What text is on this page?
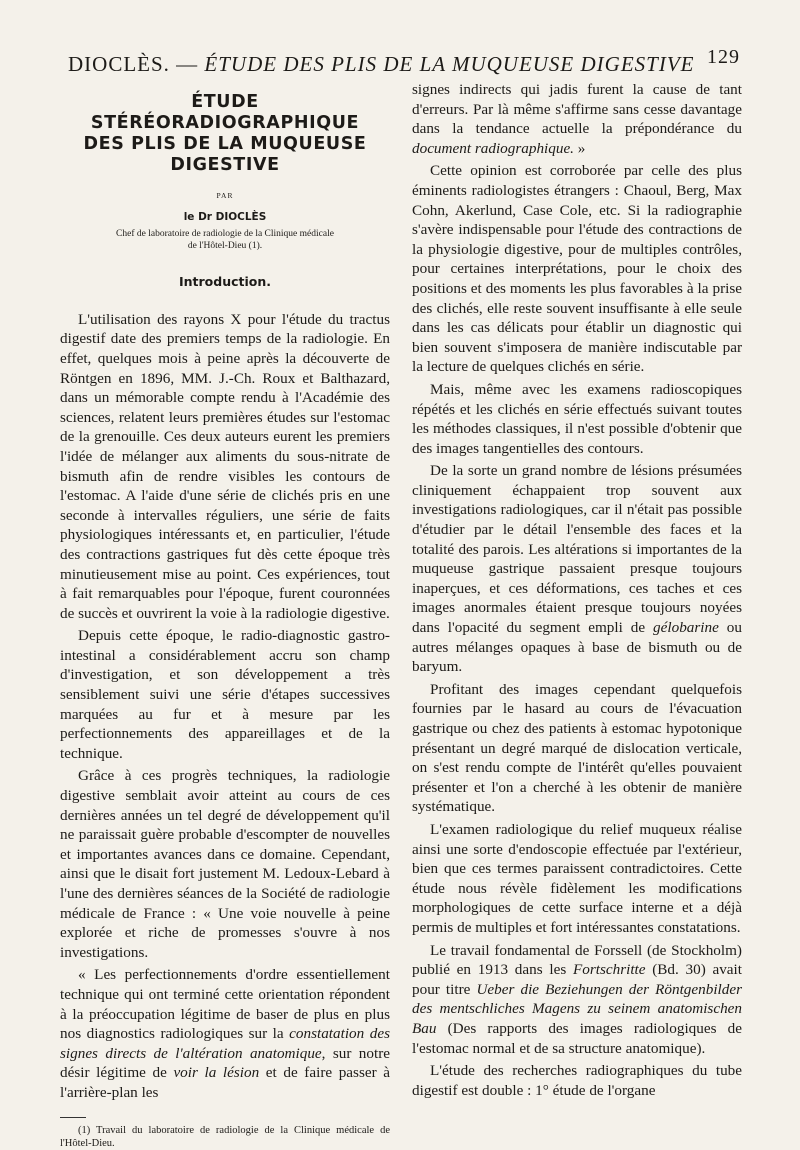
DIOCLÈS. — ÉTUDE DES PLIS DE LA MUQUEUSE DIGESTIVE 129
ÉTUDE
STÉRÉORADIOGRAPHIQUE
DES PLIS DE LA MUQUEUSE
DIGESTIVE
PAR
le Dr DIOCLÈS
Chef de laboratoire de radiologie de la Clinique médicale
de l'Hôtel-Dieu (1).
Introduction.

L'utilisation des rayons X pour l'étude du tractus digestif date des premiers temps de la radiologie. En effet, quelques mois à peine après la découverte de Röntgen en 1896, MM. J.-Ch. Roux et Balthazard, dans un mémorable compte rendu à l'Académie des sciences, relatent leurs premières études sur l'estomac de la grenouille. Ces deux auteurs eurent les premiers l'idée de mélanger aux aliments du sous-nitrate de bismuth afin de rendre visibles les contours de l'estomac. A l'aide d'une série de clichés pris en une seconde à intervalles réguliers, une série de faits physiologiques intéressants et, en particulier, l'étude des contractions gastriques fut dès cette époque très minutieusement mise au point. Ces expériences, tout à fait remarquables pour l'époque, furent couronnées de succès et ouvrirent la voie à la radiologie digestive.

Depuis cette époque, le radio-diagnostic gastro-intestinal a considérablement accru son champ d'investigation, et son développement a très sensiblement suivi une série d'étapes successives marquées au fur et à mesure par les perfectionnements des appareillages et de la technique.

Grâce à ces progrès techniques, la radiologie digestive semblait avoir atteint au cours de ces dernières années un tel degré de développement qu'il ne paraissait guère probable d'escompter de nouvelles et importantes avances dans ce domaine. Cependant, ainsi que le disait fort justement M. Ledoux-Lebard à l'une des dernières séances de la Société de radiologie médicale de France : « Une voie nouvelle à peine explorée et riche de promesses s'ouvre à nos investigations.

« Les perfectionnements d'ordre essentiellement technique qui ont terminé cette orientation répondent à la préoccupation légitime de baser de plus en plus nos diagnostics radiologiques sur la constatation des signes directs de l'altération anatomique, sur notre désir légitime de voir la lésion et de faire passer à l'arrière-plan les

(1) Travail du laboratoire de radiologie de la Clinique médicale de l'Hôtel-Dieu.

signes indirects qui jadis furent la cause de tant d'erreurs. Par là même s'affirme sans cesse davantage dans la tendance actuelle la prépondérance du document radiographique. »

Cette opinion est corroborée par celle des plus éminents radiologistes étrangers : Chaoul, Berg, Max Cohn, Akerlund, Case Cole, etc. Si la radiographie s'avère indispensable pour l'étude des contractions de la physiologie digestive, pour de multiples contrôles, pour certaines interprétations, pour le choix des positions et des moments les plus favorables à la prise des clichés, elle reste souvent insuffisante à elle seule dans les cas délicats pour établir un diagnostic qui bien souvent s'imposera de manière indiscutable par la lecture de quelques clichés en série.

Mais, même avec les examens radioscopiques répétés et les clichés en série effectués suivant toutes les méthodes classiques, il n'est possible d'obtenir que des images tangentielles des contours.

De la sorte un grand nombre de lésions présumées cliniquement échappaient trop souvent aux investigations radiologiques, car il n'était pas possible d'étudier par le détail l'ensemble des faces et la totalité des parois. Les altérations si importantes de la muqueuse gastrique passaient presque toujours inaperçues, et ces déformations, ces taches et ces images anormales étaient presque toujours noyées dans l'opacité du segment empli de gélobarine ou autres mélanges opaques à base de bismuth ou de baryum.

Profitant des images cependant quelquefois fournies par le hasard au cours de l'évacuation gastrique ou chez des patients à estomac hypotonique présentant un degré marqué de dislocation verticale, on s'est rendu compte de l'intérêt qu'elles pouvaient présenter et l'on a cherché à les obtenir de manière systématique.

L'examen radiologique du relief muqueux réalise ainsi une sorte d'endoscopie effectuée par l'extérieur, bien que ces termes paraissent contradictoires. Cette étude nous révèle fidèlement les modifications morphologiques de cette surface interne et a déjà permis de multiples et fort intéressantes constatations.

Le travail fondamental de Forssell (de Stockholm) publié en 1913 dans les Fortschritte (Bd. 30) avait pour titre Ueber die Beziehungen der Röntgenbilder des mentschliches Magens zu seinem anatomischen Bau (Des rapports des images radiologiques de l'estomac normal et de sa structure anatomique).

L'étude des recherches radiographiques du tube digestif est double : 1° étude de l'organe
